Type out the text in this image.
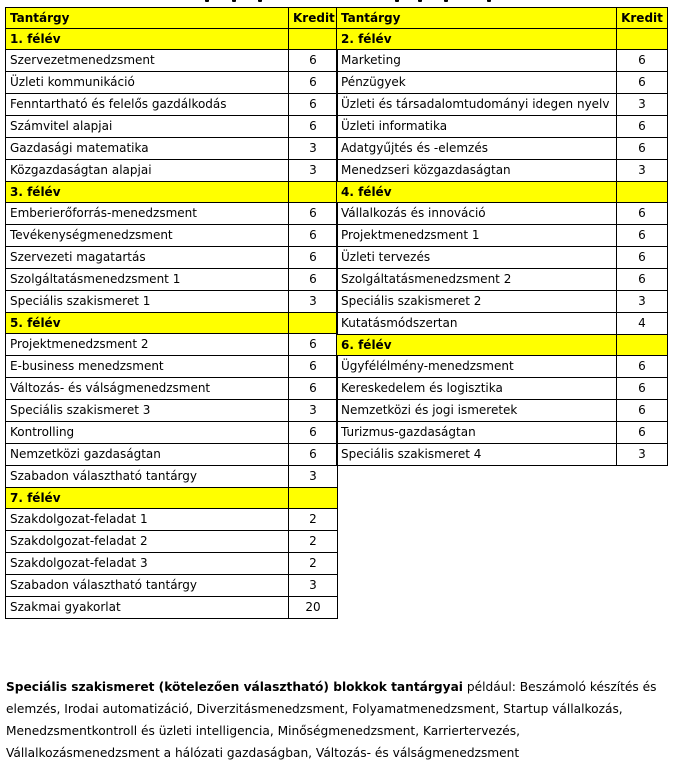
Tantárgy	Kredit
1. félév	
Szervezetmenedzsment	6
Üzleti kommunikáció	6
Fenntartható és felelős gazdálkodás	6
Számvitel alapjai	6
Gazdasági matematika	3
Közgazdaságtan alapjai	3
3. félév	
Emberierőforrás-menedzsment	6
Tevékenységmenedzsment	6
Szervezeti magatartás	6
Szolgáltatásmenedzsment 1	6
Speciális szakismeret 1	3
5. félév	
Projektmenedzsment 2	6
E-business menedzsment	6
Változás- és válságmenedzsment	6
Speciális szakismeret 3	3
Kontrolling	6
Nemzetközi gazdaságtan	6
Szabadon választható tantárgy	3
7. félév	
Szakdolgozat-feladat 1	2
Szakdolgozat-feladat 2	2
Szakdolgozat-feladat 3	2
Szabadon választható tantárgy	3
Szakmai gyakorlat	20
Tantárgy	Kredit
2. félév	
Marketing	6
Pénzügyek	6
Üzleti és társadalomtudományi idegen nyelv	3
Üzleti informatika	6
Adatgyűjtés és -elemzés	6
Menedzseri közgazdaságtan	3
4. félév	
Vállalkozás és innováció	6
Projektmenedzsment 1	6
Üzleti tervezés	6
Szolgáltatásmenedzsment 2	6
Speciális szakismeret 2	3
Kutatásmódszertan	4
6. félév	
Ügyfélélmény-menedzsment	6
Kereskedelem és logisztika	6
Nemzetközi és jogi ismeretek	6
Turizmus-gazdaságtan	6
Speciális szakismeret 4	3
Speciális szakismeret (kötelezően választható) blokkok tantárgyai például: Beszámoló készítés és elemzés, Irodai automatizáció, Diverzitásmenedzsment, Folyamatmenedzsment, Startup vállalkozás, Menedzsmentkontroll és üzleti intelligencia, Minőségmenedzsment, Karriertervezés, Vállalkozásmenedzsment a hálózati gazdaságban, Változás- és válságmenedzsment
